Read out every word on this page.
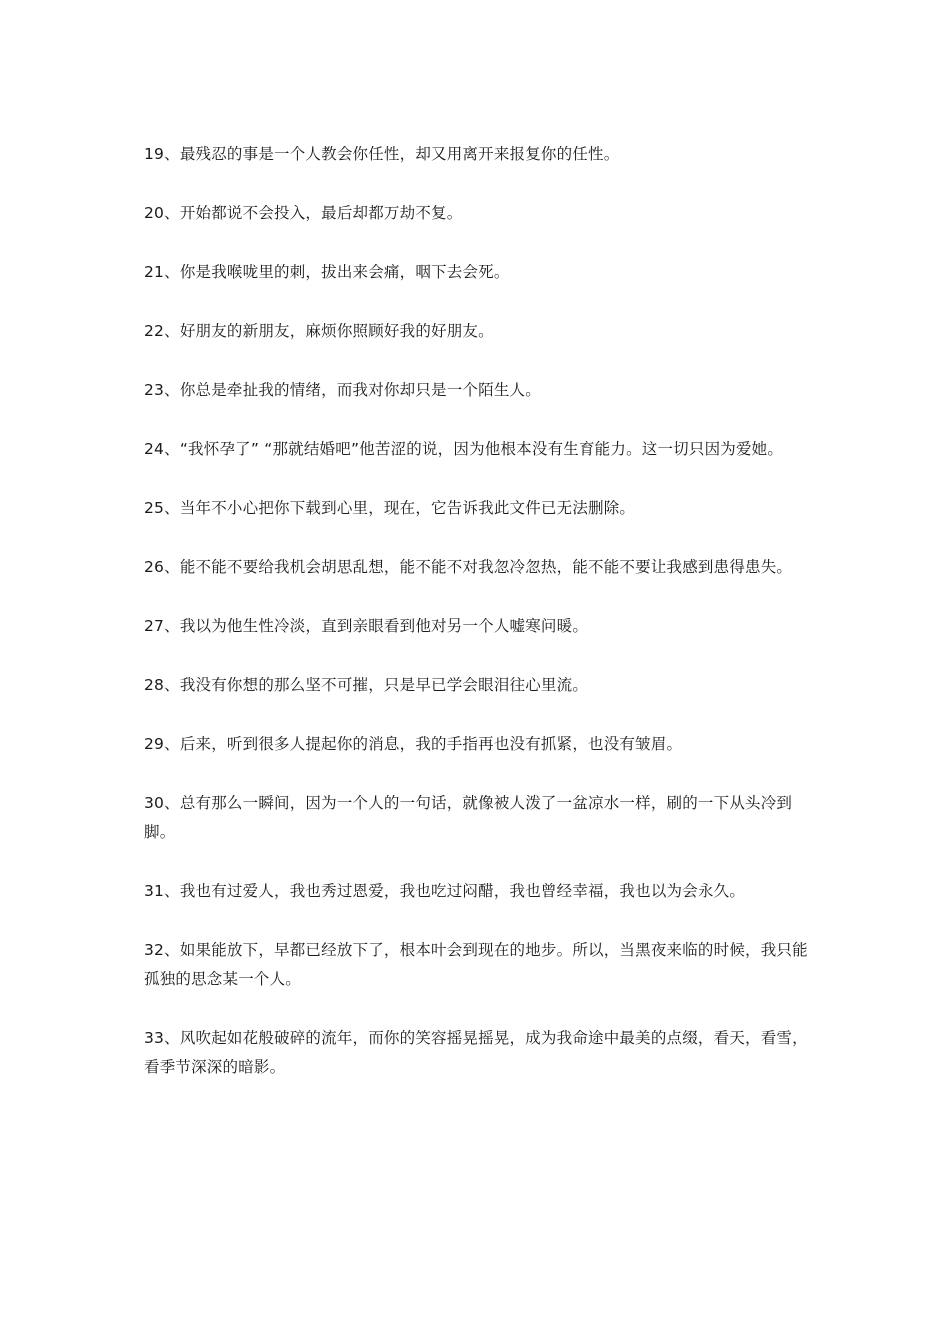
19、最残忍的事是一个人教会你任性，却又用离开来报复你的任性。

20、开始都说不会投入，最后却都万劫不复。

21、你是我喉咙里的刺，拔出来会痛，咽下去会死。

22、好朋友的新朋友，麻烦你照顾好我的好朋友。

23、你总是牵扯我的情绪，而我对你却只是一个陌生人。

24、“我怀孕了” “那就结婚吧”他苦涩的说，因为他根本没有生育能力。这一切只因为爱她。

25、当年不小心把你下载到心里，现在，它告诉我此文件已无法删除。

26、能不能不要给我机会胡思乱想，能不能不对我忽冷忽热，能不能不要让我感到患得患失。

27、我以为他生性冷淡，直到亲眼看到他对另一个人嘘寒问暖。

28、我没有你想的那么坚不可摧，只是早已学会眼泪往心里流。

29、后来，听到很多人提起你的消息，我的手指再也没有抓紧，也没有皱眉。

30、总有那么一瞬间，因为一个人的一句话，就像被人泼了一盆凉水一样，刷的一下从头冷到脚。

31、我也有过爱人，我也秀过恩爱，我也吃过闷醋，我也曾经幸福，我也以为会永久。

32、如果能放下，早都已经放下了，根本叶会到现在的地步。所以，当黑夜来临的时候，我只能孤独的思念某一个人。

33、风吹起如花般破碎的流年，而你的笑容摇晃摇晃，成为我命途中最美的点缀，看天，看雪，看季节深深的暗影。
